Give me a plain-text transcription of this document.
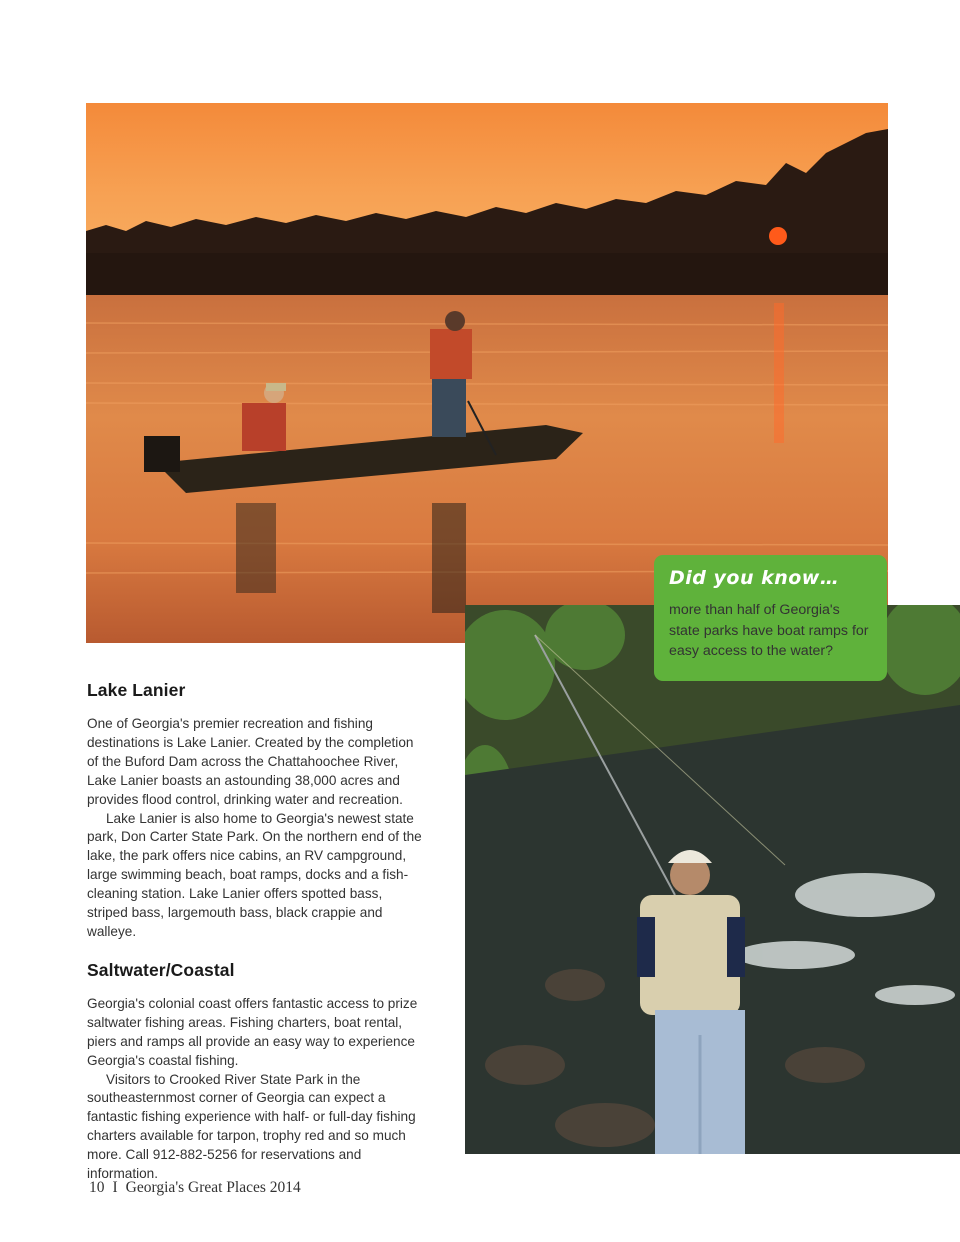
Did you know…

more than half of Georgia's state parks have boat ramps for easy access to the water?

Lake Lanier

One of Georgia's premier recreation and fishing destinations is Lake Lanier. Created by the completion of the Buford Dam across the Chattahoochee River, Lake Lanier boasts an astounding 38,000 acres and provides flood control, drinking water and recreation.

Lake Lanier is also home to Georgia's newest state park, Don Carter State Park. On the northern end of the lake, the park offers nice cabins, an RV campground, large swimming beach, boat ramps, docks and a fish-cleaning station. Lake Lanier offers spotted bass, striped bass, largemouth bass, black crappie and walleye.

Saltwater/Coastal

Georgia's colonial coast offers fantastic access to prize saltwater fishing areas. Fishing charters, boat rental, piers and ramps all provide an easy way to experience Georgia's coastal fishing.

Visitors to Crooked River State Park in the southeasternmost corner of Georgia can expect a fantastic fishing experience with half- or full-day fishing charters available for tarpon, trophy red and so much more. Call 912-882-5256 for reservations and information.

10 I Georgia's Great Places 2014
